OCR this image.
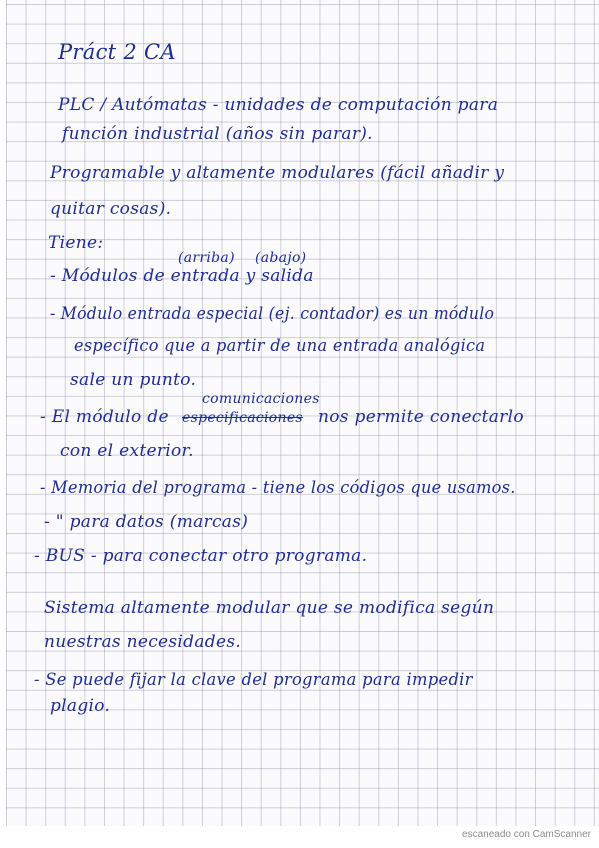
Práct 2 CA
PLC / Autómatas - unidades de computación para
función industrial (años sin parar).
Programable y altamente modulares (fácil añadir y
quitar cosas).
Tiene:
(arriba) (abajo)
- Módulos de entrada y salida
- Módulo entrada especial (ej. contador) es un módulo
específico que a partir de una entrada analógica
sale un punto.
comunicaciones
- El módulo de especificaciones nos permite conectarlo
con el exterior.
- Memoria del programa - tiene los códigos que usamos.
- " para datos (marcas)
- BUS - para conectar otro programa.
Sistema altamente modular que se modifica según
nuestras necesidades.
- Se puede fijar la clave del programa para impedir
plagio.
escaneado con CamScanner
